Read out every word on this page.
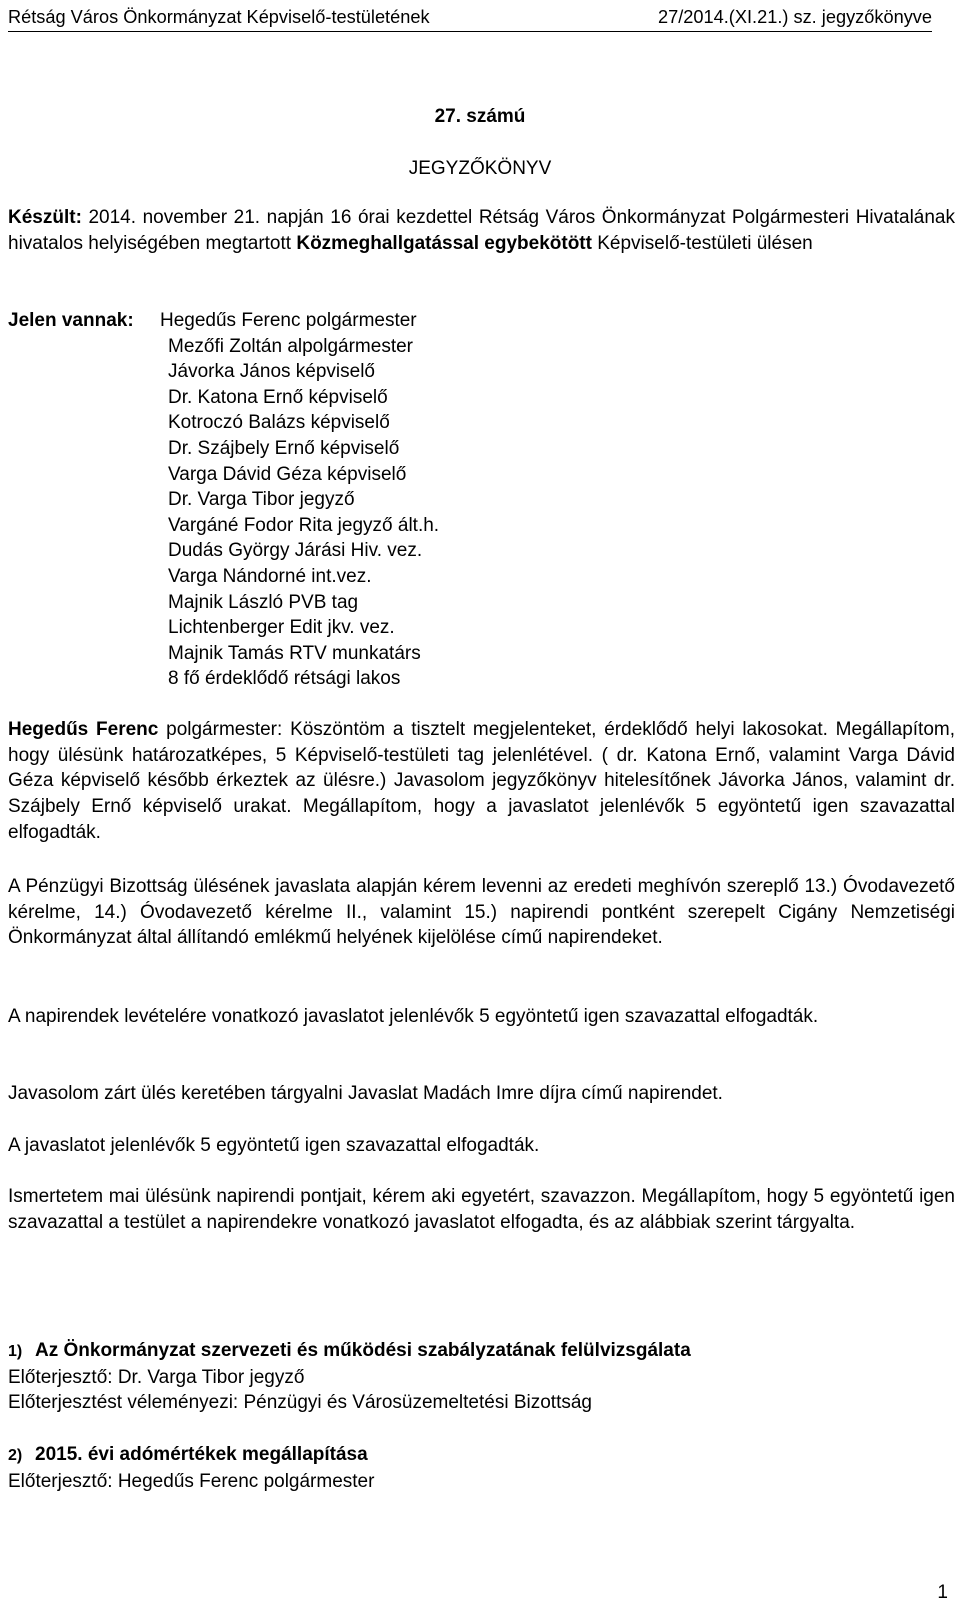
Rétság Város Önkormányzat Képviselő-testületének	27/2014.(XI.21.) sz. jegyzőkönyve

27. számú
JEGYZŐKÖNYV

Készült: 2014. november 21. napján 16 órai kezdettel Rétság Város Önkormányzat Polgármesteri Hivatalának hivatalos helyiségében megtartott Közmeghallgatással egybekötött Képviselő-testületi ülésen

Jelen vannak: Hegedűs Ferenc polgármester
Mezőfi Zoltán alpolgármester
Jávorka János képviselő
Dr. Katona Ernő képviselő
Kotroczó Balázs képviselő
Dr. Szájbely Ernő képviselő
Varga Dávid Géza képviselő
Dr. Varga Tibor jegyző
Vargáné Fodor Rita jegyző ált.h.
Dudás György Járási Hiv. vez.
Varga Nándorné int.vez.
Majnik László PVB tag
Lichtenberger Edit jkv. vez.
Majnik Tamás RTV munkatárs
8 fő érdeklődő rétsági lakos

Hegedűs Ferenc polgármester: Köszöntöm a tisztelt megjelenteket, érdeklődő helyi lakosokat. Megállapítom, hogy ülésünk határozatképes, 5 Képviselő-testületi tag jelenlétével. ( dr. Katona Ernő, valamint Varga Dávid Géza képviselő később érkeztek az ülésre.) Javasolom jegyzőkönyv hitelesítőnek Jávorka János, valamint dr. Szájbely Ernő képviselő urakat. Megállapítom, hogy a javaslatot jelenlévők 5 egyöntetű igen szavazattal elfogadták.

A Pénzügyi Bizottság ülésének javaslata alapján kérem levenni az eredeti meghívón szereplő 13.) Óvodavezető kérelme, 14.) Óvodavezető kérelme II., valamint 15.) napirendi pontként szerepelt Cigány Nemzetiségi Önkormányzat által állítandó emlékmű helyének kijelölése című napirendeket.

A napirendek levételére vonatkozó javaslatot jelenlévők 5 egyöntetű igen szavazattal elfogadták.

Javasolom zárt ülés keretében tárgyalni Javaslat Madách Imre díjra című napirendet.

A javaslatot jelenlévők 5 egyöntetű igen szavazattal elfogadták.

Ismertetem mai ülésünk napirendi pontjait, kérem aki egyetért, szavazzon. Megállapítom, hogy 5 egyöntetű igen szavazattal a testület a napirendekre vonatkozó javaslatot elfogadta, és az alábbiak szerint tárgyalta.

1) Az Önkormányzat szervezeti és működési szabályzatának felülvizsgálata
Előterjesztő: Dr. Varga Tibor jegyző
Előterjesztést véleményezi: Pénzügyi és Városüzemeltetési Bizottság
2) 2015. évi adómértékek megállapítása
Előterjesztő: Hegedűs Ferenc polgármester
1
